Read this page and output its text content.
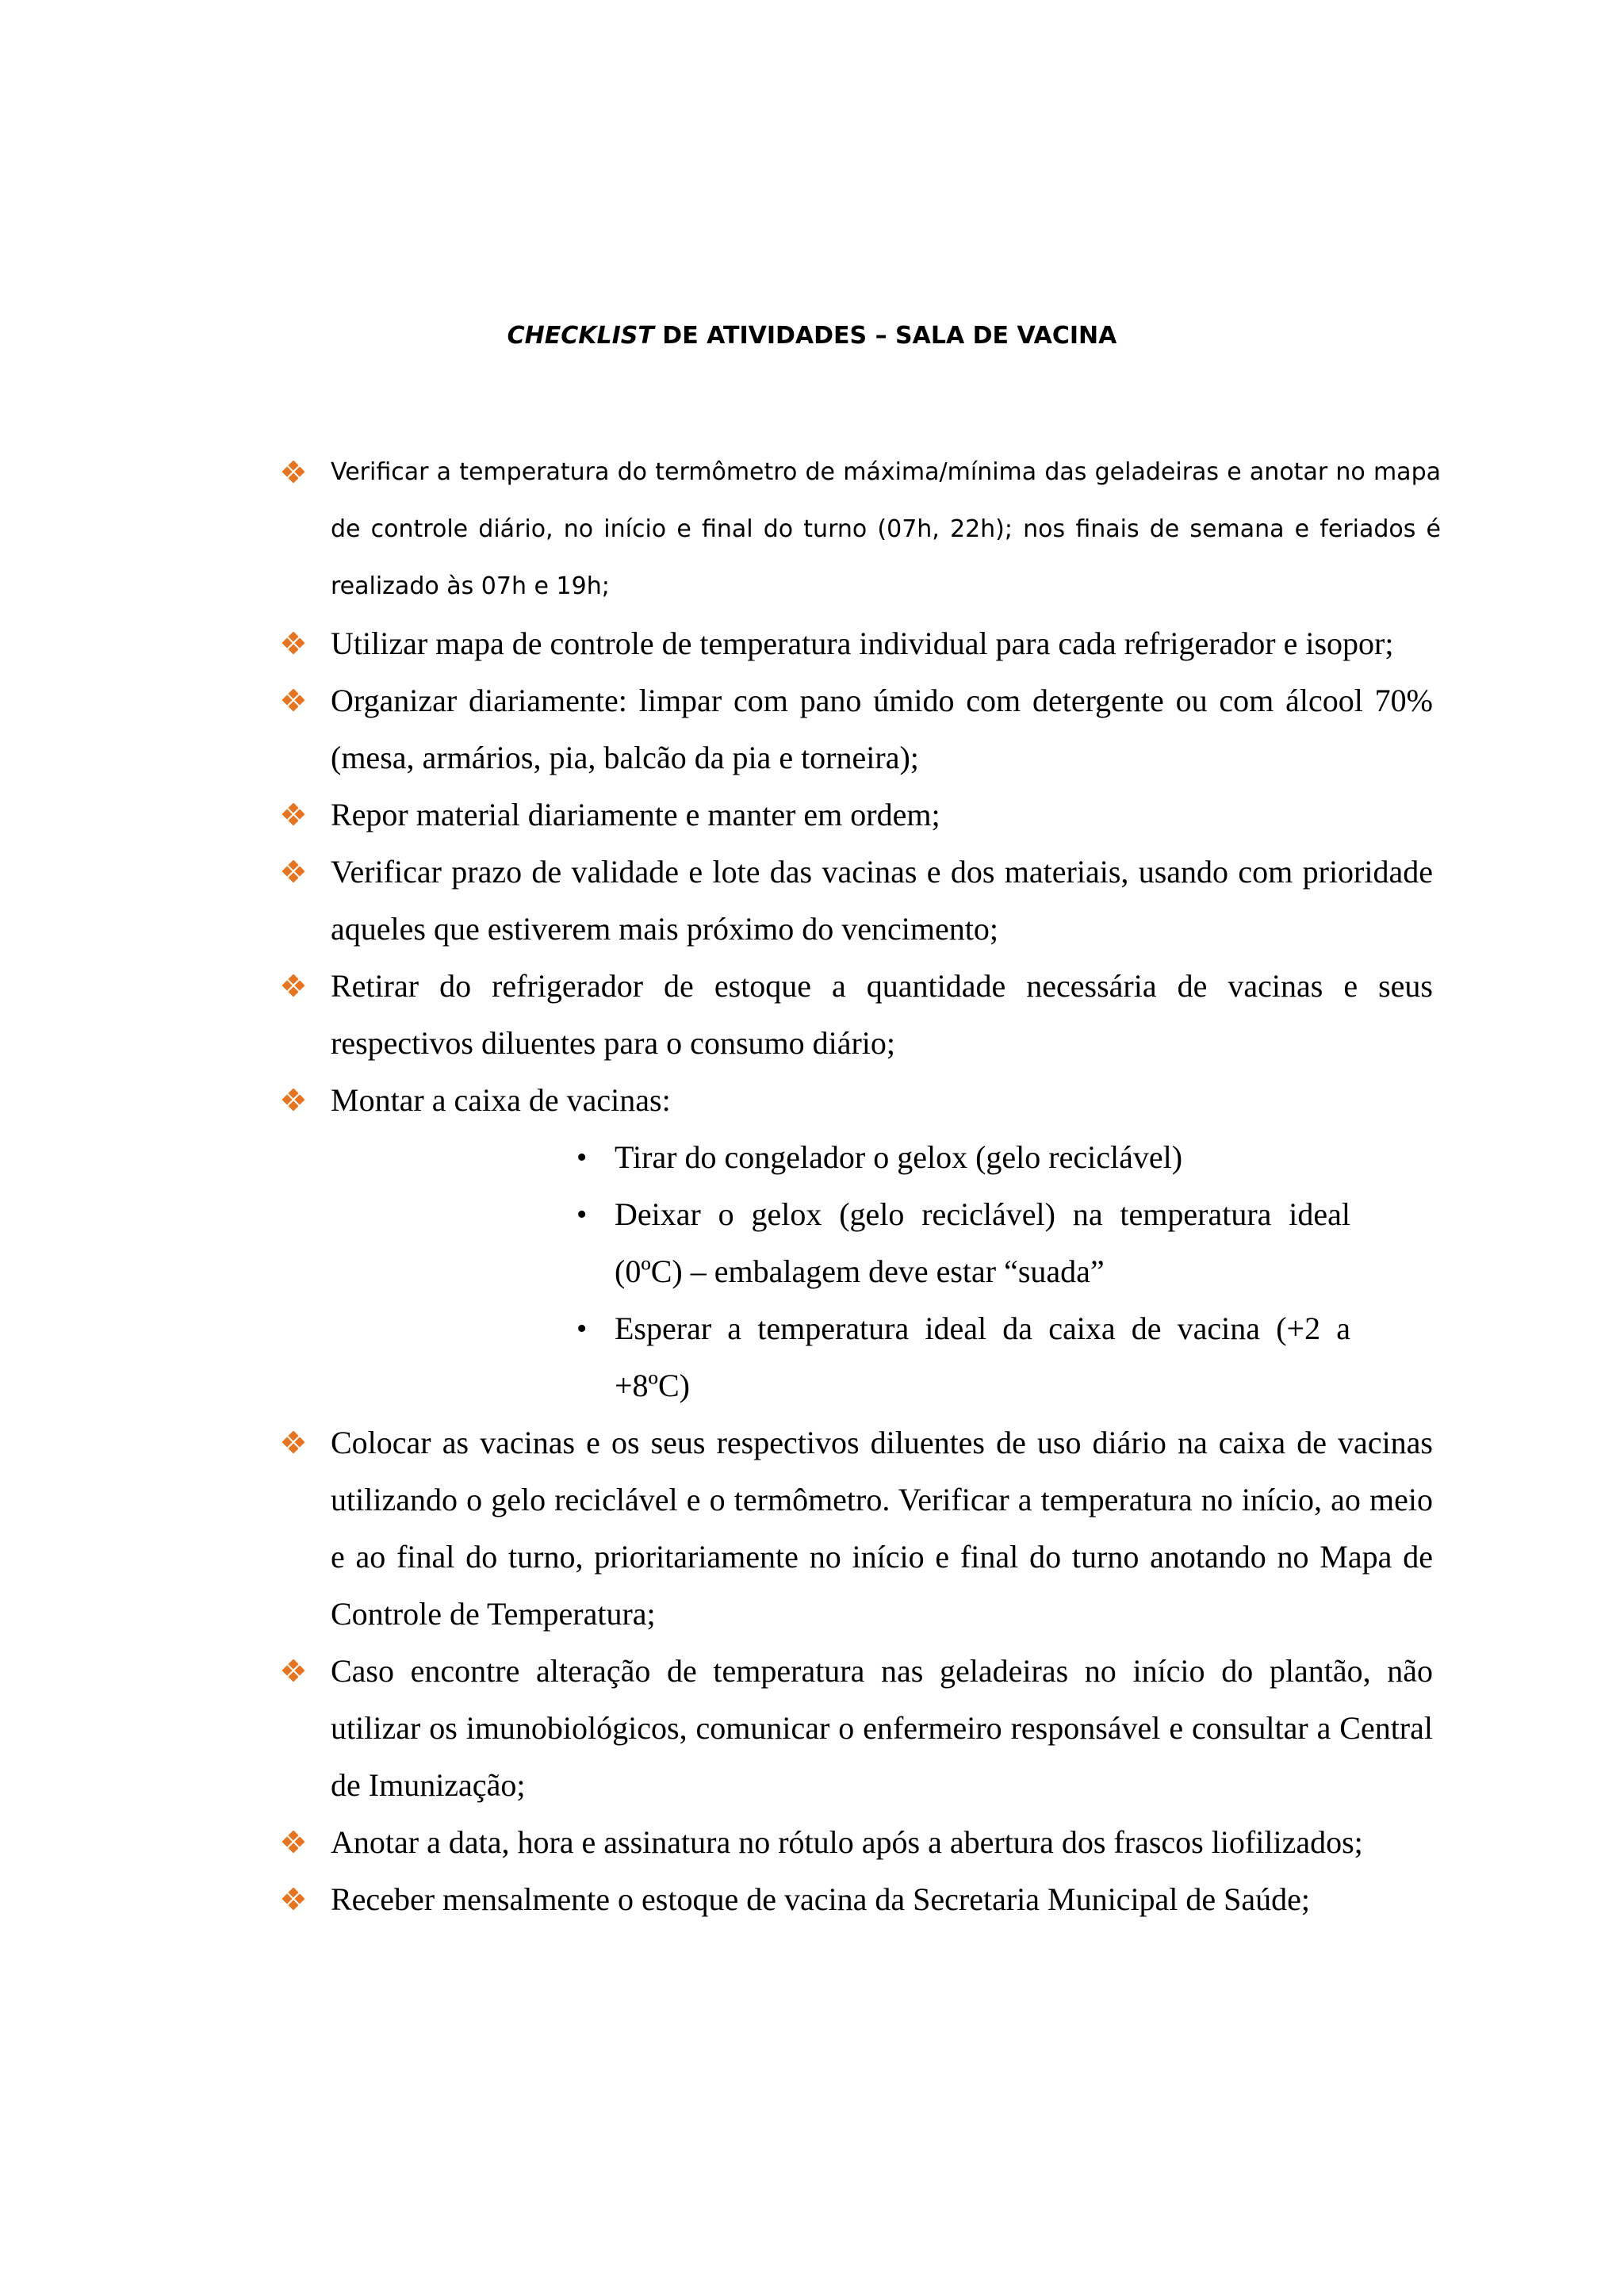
CHECKLIST DE ATIVIDADES – SALA DE VACINA
Verificar a temperatura do termômetro de máxima/mínima das geladeiras e anotar no mapa de controle diário, no início e final do turno (07h, 22h); nos finais de semana e feriados é realizado às 07h e 19h;
Utilizar mapa de controle de temperatura individual para cada refrigerador e isopor;
Organizar diariamente: limpar com pano úmido com detergente ou com álcool 70% (mesa, armários, pia, balcão da pia e torneira);
Repor material diariamente e manter em ordem;
Verificar prazo de validade e lote das vacinas e dos materiais, usando com prioridade aqueles que estiverem mais próximo do vencimento;
Retirar do refrigerador de estoque a quantidade necessária de vacinas e seus respectivos diluentes para o consumo diário;
Montar a caixa de vacinas:
• Tirar do congelador o gelox (gelo reciclável)
• Deixar o gelox (gelo reciclável) na temperatura ideal (0ºC) – embalagem deve estar “suada”
• Esperar a temperatura ideal da caixa de vacina (+2 a +8ºC)
Colocar as vacinas e os seus respectivos diluentes de uso diário na caixa de vacinas utilizando o gelo reciclável e o termômetro. Verificar a temperatura no início, ao meio e ao final do turno, prioritariamente no início e final do turno anotando no Mapa de Controle de Temperatura;
Caso encontre alteração de temperatura nas geladeiras no início do plantão, não utilizar os imunobiológicos, comunicar o enfermeiro responsável e consultar a Central de Imunização;
Anotar a data, hora e assinatura no rótulo após a abertura dos frascos liofilizados;
Receber mensalmente o estoque de vacina da Secretaria Municipal de Saúde;
